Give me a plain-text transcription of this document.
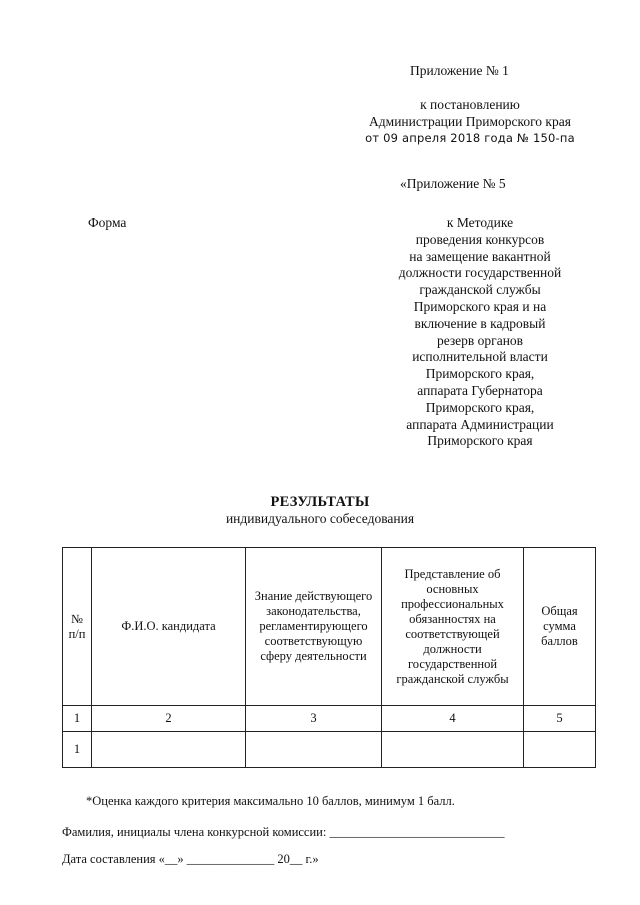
Приложение № 1
к постановлению
Администрации Приморского края
от 09 апреля 2018 года № 150-па
«Приложение № 5
Форма	к Методике
проведения конкурсов
на замещение вакантной
должности государственной
гражданской службы
Приморского края и на
включение в кадровый
резерв органов
исполнительной власти
Приморского края,
аппарата Губернатора
Приморского края,
аппарата Администрации
Приморского края
РЕЗУЛЬТАТЫ
индивидуального собеседования
№ п/п	Ф.И.О. кандидата	Знание действующего законодательства, регламентирующего соответствующую сферу деятельности	Представление об основных профессиональных обязанностях на соответствующей должности государственной гражданской службы	Общая сумма баллов
1	2	3	4	5
1				
*Оценка каждого критерия максимально 10 баллов, минимум 1 балл.
Фамилия, инициалы члена конкурсной комиссии: ____________________________
Дата составления «__» ______________ 20__ г.»
